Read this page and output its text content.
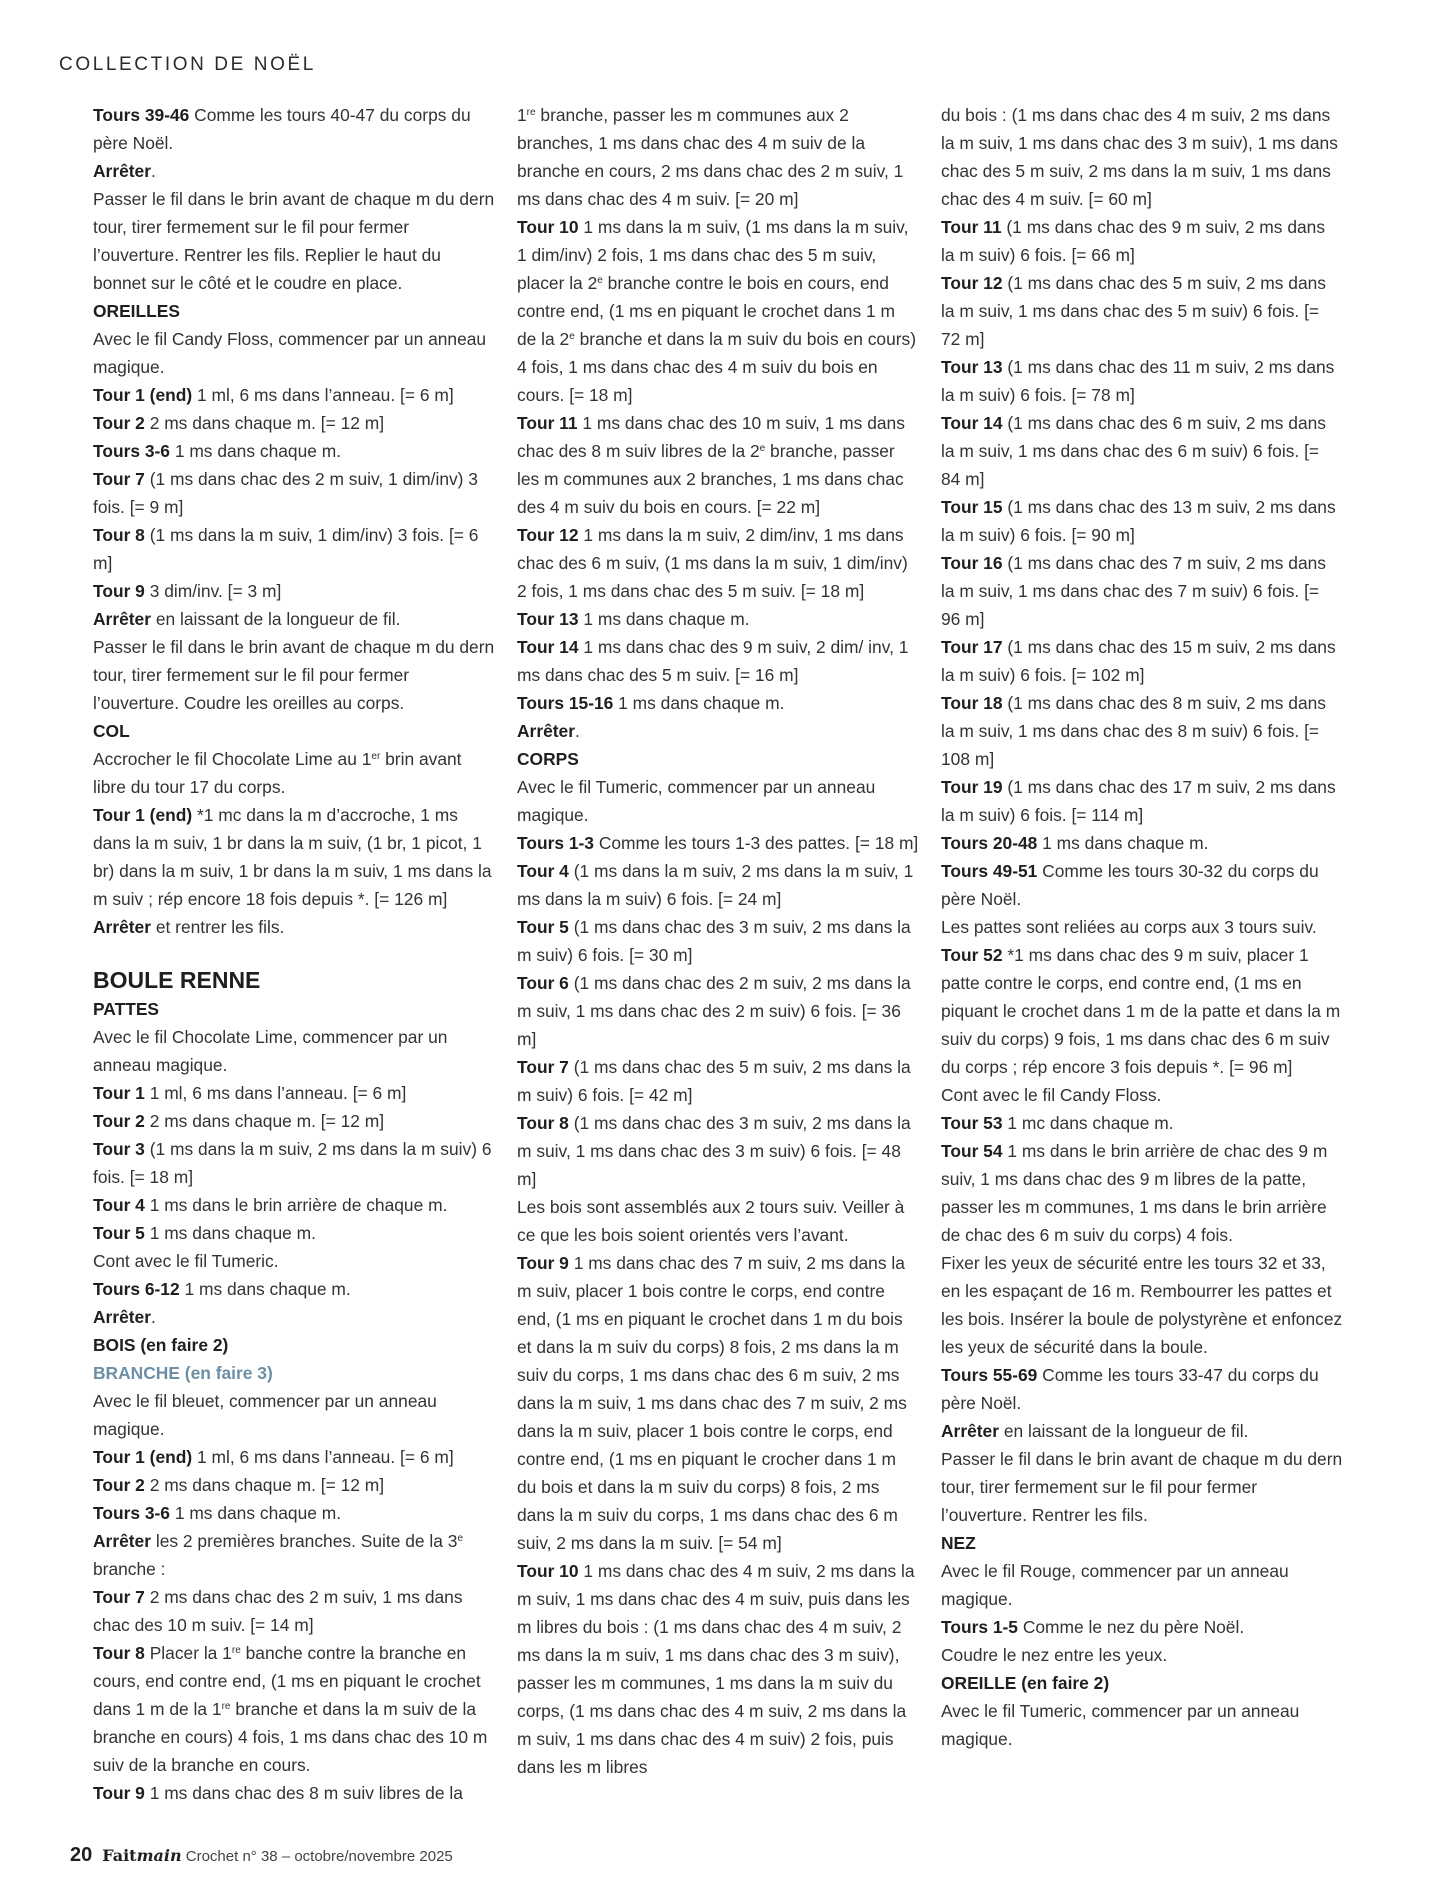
COLLECTION DE NOËL

Tours 39-46 Comme les tours 40-47 du corps du père Noël.

Arrêter.

Passer le fil dans le brin avant de chaque m du dern tour, tirer fermement sur le fil pour fermer l’ouverture. Rentrer les fils. Replier le haut du bonnet sur le côté et le coudre en place.

OREILLES

Avec le fil Candy Floss, commencer par un anneau magique.

Tour 1 (end) 1 ml, 6 ms dans l’anneau. [= 6 m]

Tour 2 2 ms dans chaque m. [= 12 m]

Tours 3-6 1 ms dans chaque m.

Tour 7 (1 ms dans chac des 2 m suiv, 1 dim/inv) 3 fois. [= 9 m]

Tour 8 (1 ms dans la m suiv, 1 dim/inv) 3 fois. [= 6 m]

Tour 9 3 dim/inv. [= 3 m]

Arrêter en laissant de la longueur de fil.

Passer le fil dans le brin avant de chaque m du dern tour, tirer fermement sur le fil pour fermer l’ouverture. Coudre les oreilles au corps.

COL

Accrocher le fil Chocolate Lime au 1er brin avant libre du tour 17 du corps.

Tour 1 (end) *1 mc dans la m d’accroche, 1 ms dans la m suiv, 1 br dans la m suiv, (1 br, 1 picot, 1 br) dans la m suiv, 1 br dans la m suiv, 1 ms dans la m suiv ; rép encore 18 fois depuis *. [= 126 m]

Arrêter et rentrer les fils.

BOULE RENNE

PATTES

Avec le fil Chocolate Lime, commencer par un anneau magique.

Tour 1 1 ml, 6 ms dans l’anneau. [= 6 m]

Tour 2 2 ms dans chaque m. [= 12 m]

Tour 3 (1 ms dans la m suiv, 2 ms dans la m suiv) 6 fois. [= 18 m]

Tour 4 1 ms dans le brin arrière de chaque m.

Tour 5 1 ms dans chaque m.

Cont avec le fil Tumeric.

Tours 6-12 1 ms dans chaque m.

Arrêter.

BOIS (en faire 2)

BRANCHE (en faire 3)

Avec le fil bleuet, commencer par un anneau magique.

Tour 1 (end) 1 ml, 6 ms dans l’anneau. [= 6 m]

Tour 2 2 ms dans chaque m. [= 12 m]

Tours 3-6 1 ms dans chaque m.

Arrêter les 2 premières branches. Suite de la 3e branche :

Tour 7 2 ms dans chac des 2 m suiv, 1 ms dans chac des 10 m suiv. [= 14 m]

Tour 8 Placer la 1re banche contre la branche en cours, end contre end, (1 ms en piquant le crochet dans 1 m de la 1re branche et dans la m suiv de la branche en cours) 4 fois, 1 ms dans chac des 10 m suiv de la branche en cours.

Tour 9 1 ms dans chac des 8 m suiv libres de la

1re branche, passer les m communes aux 2 branches, 1 ms dans chac des 4 m suiv de la branche en cours, 2 ms dans chac des 2 m suiv, 1 ms dans chac des 4 m suiv. [= 20 m]

Tour 10 1 ms dans la m suiv, (1 ms dans la m suiv, 1 dim/inv) 2 fois, 1 ms dans chac des 5 m suiv, placer la 2e branche contre le bois en cours, end contre end, (1 ms en piquant le crochet dans 1 m de la 2e branche et dans la m suiv du bois en cours) 4 fois, 1 ms dans chac des 4 m suiv du bois en cours. [= 18 m]

Tour 11 1 ms dans chac des 10 m suiv, 1 ms dans chac des 8 m suiv libres de la 2e branche, passer les m communes aux 2 branches, 1 ms dans chac des 4 m suiv du bois en cours. [= 22 m]

Tour 12 1 ms dans la m suiv, 2 dim/inv, 1 ms dans chac des 6 m suiv, (1 ms dans la m suiv, 1 dim/inv) 2 fois, 1 ms dans chac des 5 m suiv. [= 18 m]

Tour 13 1 ms dans chaque m.

Tour 14 1 ms dans chac des 9 m suiv, 2 dim/ inv, 1 ms dans chac des 5 m suiv. [= 16 m]

Tours 15-16 1 ms dans chaque m.

Arrêter.

CORPS

Avec le fil Tumeric, commencer par un anneau magique.

Tours 1-3 Comme les tours 1-3 des pattes. [= 18 m]

Tour 4 (1 ms dans la m suiv, 2 ms dans la m suiv, 1 ms dans la m suiv) 6 fois. [= 24 m]

Tour 5 (1 ms dans chac des 3 m suiv, 2 ms dans la m suiv) 6 fois. [= 30 m]

Tour 6 (1 ms dans chac des 2 m suiv, 2 ms dans la m suiv, 1 ms dans chac des 2 m suiv) 6 fois. [= 36 m]

Tour 7 (1 ms dans chac des 5 m suiv, 2 ms dans la m suiv) 6 fois. [= 42 m]

Tour 8 (1 ms dans chac des 3 m suiv, 2 ms dans la m suiv, 1 ms dans chac des 3 m suiv) 6 fois. [= 48 m]

Les bois sont assemblés aux 2 tours suiv. Veiller à ce que les bois soient orientés vers l’avant.

Tour 9 1 ms dans chac des 7 m suiv, 2 ms dans la m suiv, placer 1 bois contre le corps, end contre end, (1 ms en piquant le crochet dans 1 m du bois et dans la m suiv du corps) 8 fois, 2 ms dans la m suiv du corps, 1 ms dans chac des 6 m suiv, 2 ms dans la m suiv, 1 ms dans chac des 7 m suiv, 2 ms dans la m suiv, placer 1 bois contre le corps, end contre end, (1 ms en piquant le crocher dans 1 m du bois et dans la m suiv du corps) 8 fois, 2 ms dans la m suiv du corps, 1 ms dans chac des 6 m suiv, 2 ms dans la m suiv. [= 54 m]

Tour 10 1 ms dans chac des 4 m suiv, 2 ms dans la m suiv, 1 ms dans chac des 4 m suiv, puis dans les m libres du bois : (1 ms dans chac des 4 m suiv, 2 ms dans la m suiv, 1 ms dans chac des 3 m suiv), passer les m communes, 1 ms dans la m suiv du corps, (1 ms dans chac des 4 m suiv, 2 ms dans la m suiv, 1 ms dans chac des 4 m suiv) 2 fois, puis dans les m libres

du bois : (1 ms dans chac des 4 m suiv, 2 ms dans la m suiv, 1 ms dans chac des 3 m suiv), 1 ms dans chac des 5 m suiv, 2 ms dans la m suiv, 1 ms dans chac des 4 m suiv. [= 60 m]

Tour 11 (1 ms dans chac des 9 m suiv, 2 ms dans la m suiv) 6 fois. [= 66 m]

Tour 12 (1 ms dans chac des 5 m suiv, 2 ms dans la m suiv, 1 ms dans chac des 5 m suiv) 6 fois. [= 72 m]

Tour 13 (1 ms dans chac des 11 m suiv, 2 ms dans la m suiv) 6 fois. [= 78 m]

Tour 14 (1 ms dans chac des 6 m suiv, 2 ms dans la m suiv, 1 ms dans chac des 6 m suiv) 6 fois. [= 84 m]

Tour 15 (1 ms dans chac des 13 m suiv, 2 ms dans la m suiv) 6 fois. [= 90 m]

Tour 16 (1 ms dans chac des 7 m suiv, 2 ms dans la m suiv, 1 ms dans chac des 7 m suiv) 6 fois. [= 96 m]

Tour 17 (1 ms dans chac des 15 m suiv, 2 ms dans la m suiv) 6 fois. [= 102 m]

Tour 18 (1 ms dans chac des 8 m suiv, 2 ms dans la m suiv, 1 ms dans chac des 8 m suiv) 6 fois. [= 108 m]

Tour 19 (1 ms dans chac des 17 m suiv, 2 ms dans la m suiv) 6 fois. [= 114 m]

Tours 20-48 1 ms dans chaque m.

Tours 49-51 Comme les tours 30-32 du corps du père Noël.

Les pattes sont reliées au corps aux 3 tours suiv.

Tour 52 *1 ms dans chac des 9 m suiv, placer 1 patte contre le corps, end contre end, (1 ms en piquant le crochet dans 1 m de la patte et dans la m suiv du corps) 9 fois, 1 ms dans chac des 6 m suiv du corps ; rép encore 3 fois depuis *. [= 96 m]

Cont avec le fil Candy Floss.

Tour 53 1 mc dans chaque m.

Tour 54 1 ms dans le brin arrière de chac des 9 m suiv, 1 ms dans chac des 9 m libres de la patte, passer les m communes, 1 ms dans le brin arrière de chac des 6 m suiv du corps) 4 fois.

Fixer les yeux de sécurité entre les tours 32 et 33, en les espaçant de 16 m. Rembourrer les pattes et les bois. Insérer la boule de polystyrène et enfoncez les yeux de sécurité dans la boule.

Tours 55-69 Comme les tours 33-47 du corps du père Noël.

Arrêter en laissant de la longueur de fil.

Passer le fil dans le brin avant de chaque m du dern tour, tirer fermement sur le fil pour fermer l’ouverture. Rentrer les fils.

NEZ

Avec le fil Rouge, commencer par un anneau magique.

Tours 1-5 Comme le nez du père Noël.

Coudre le nez entre les yeux.

OREILLE (en faire 2)

Avec le fil Tumeric, commencer par un anneau magique.

20 Faitmain Crochet n° 38 – octobre/novembre 2025
